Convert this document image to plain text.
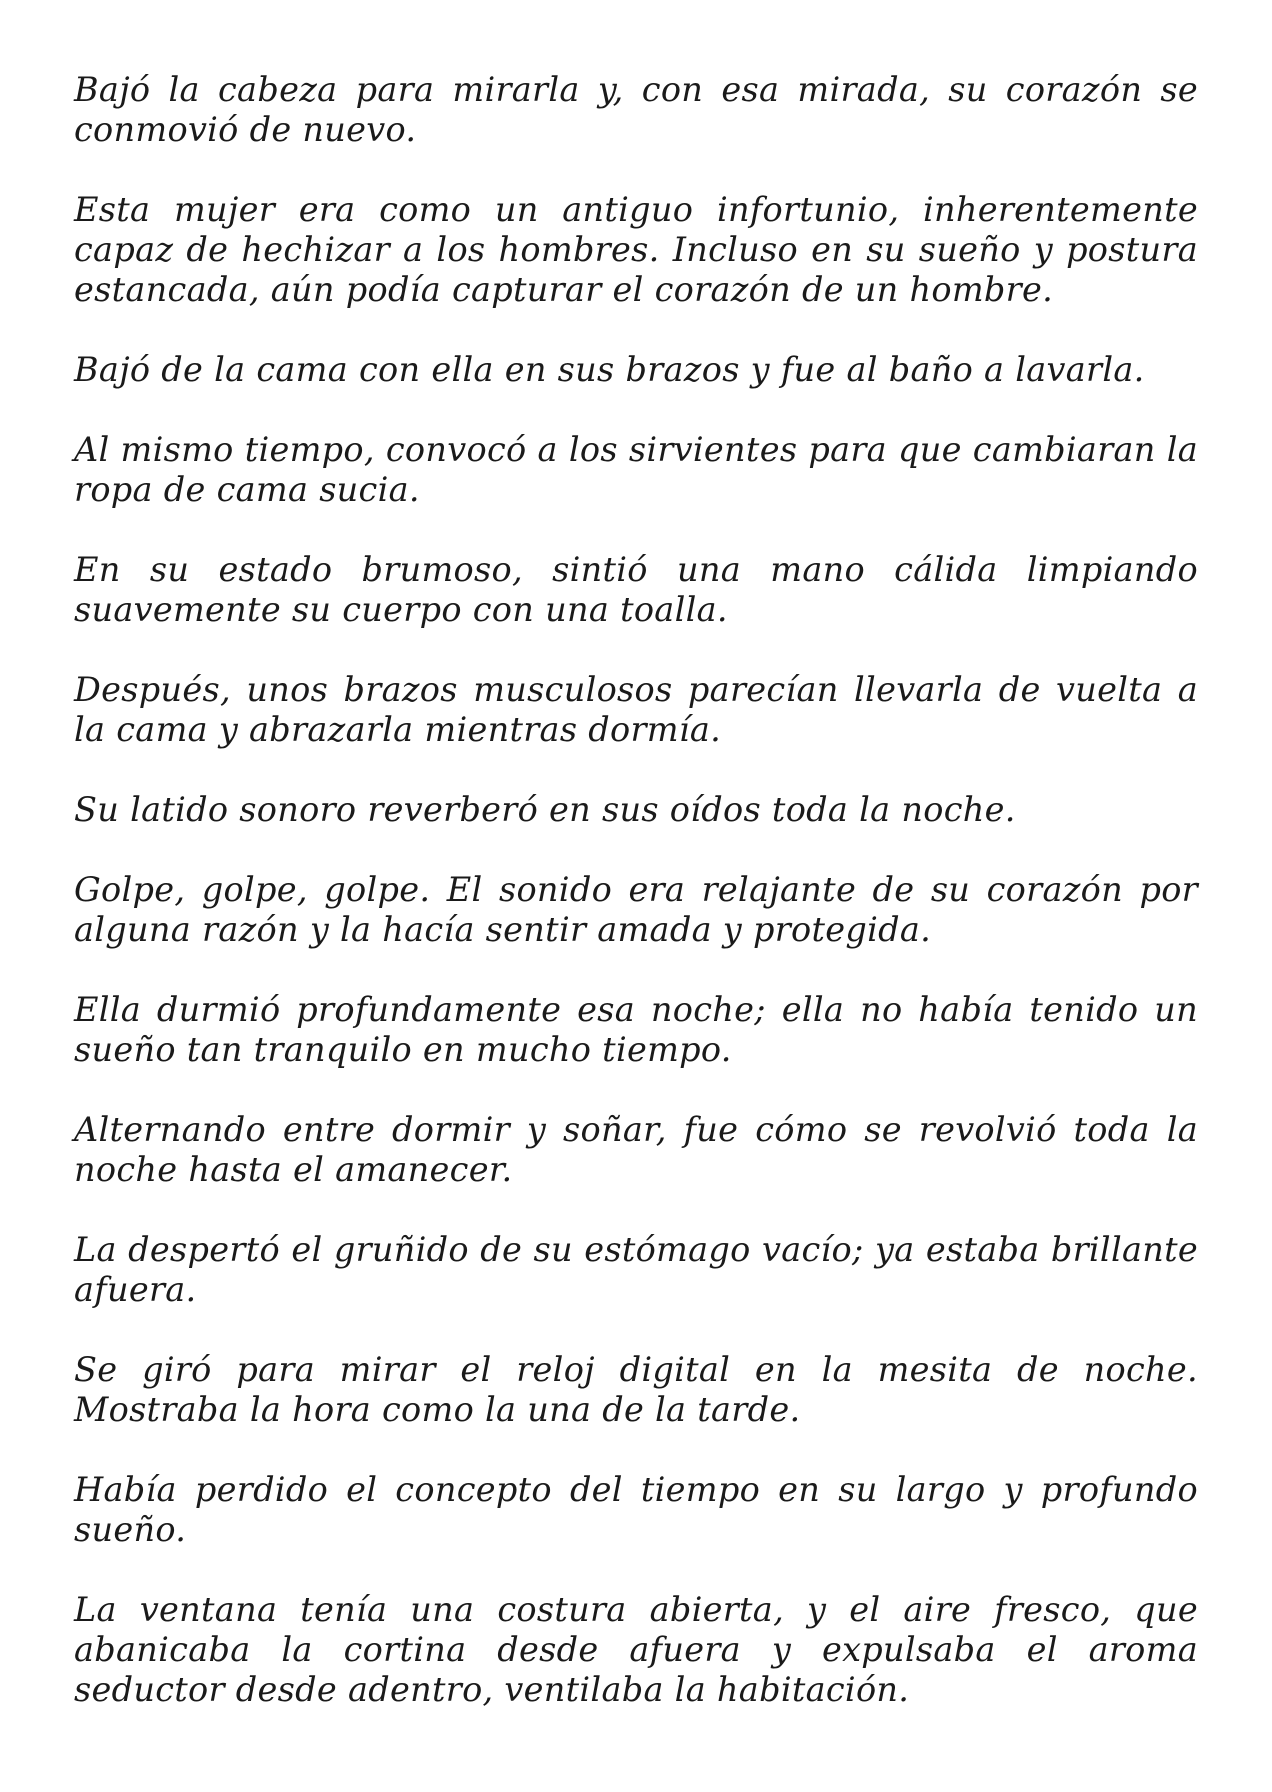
Bajó la cabeza para mirarla y, con esa mirada, su corazón se conmovió de nuevo.

Esta mujer era como un antiguo infortunio, inherentemente capaz de hechizar a los hombres. Incluso en su sueño y postura estancada, aún podía capturar el corazón de un hombre.

Bajó de la cama con ella en sus brazos y fue al baño a lavarla.

Al mismo tiempo, convocó a los sirvientes para que cambiaran la ropa de cama sucia.

En su estado brumoso, sintió una mano cálida limpiando suavemente su cuerpo con una toalla.

Después, unos brazos musculosos parecían llevarla de vuelta a la cama y abrazarla mientras dormía.

Su latido sonoro reverberó en sus oídos toda la noche.

Golpe, golpe, golpe. El sonido era relajante de su corazón por alguna razón y la hacía sentir amada y protegida.

Ella durmió profundamente esa noche; ella no había tenido un sueño tan tranquilo en mucho tiempo.

Alternando entre dormir y soñar, fue cómo se revolvió toda la noche hasta el amanecer.

La despertó el gruñido de su estómago vacío; ya estaba brillante afuera.

Se giró para mirar el reloj digital en la mesita de noche. Mostraba la hora como la una de la tarde.

Había perdido el concepto del tiempo en su largo y profundo sueño.

La ventana tenía una costura abierta, y el aire fresco, que abanicaba la cortina desde afuera y expulsaba el aroma seductor desde adentro, ventilaba la habitación.
